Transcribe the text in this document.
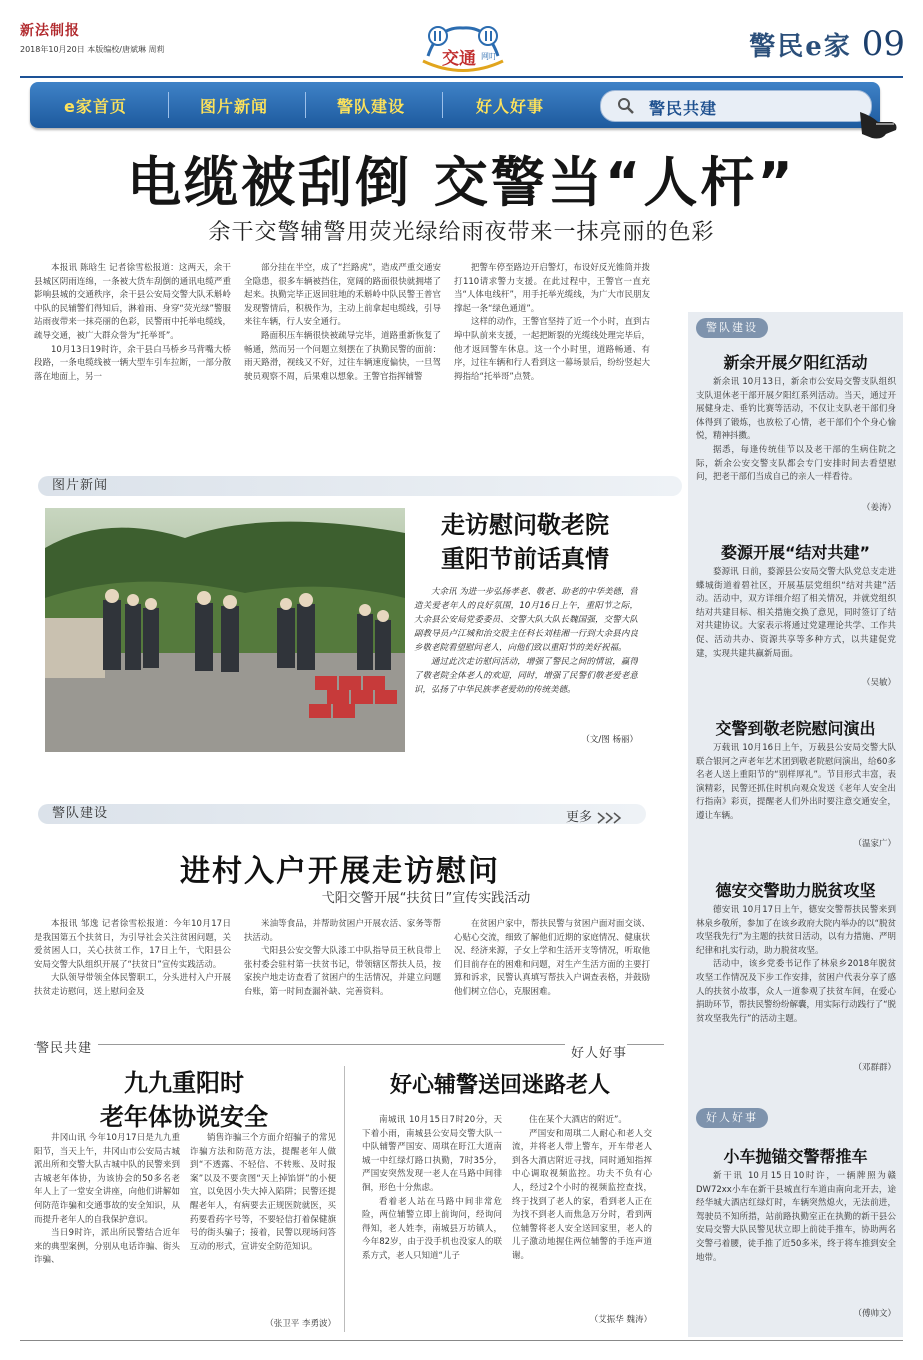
新法制报
2018年10月20日 本版编校/唐斌琳 周莉	交通 网叮	警民e家 09
e家首页	图片新闻	警队建设	好人好事	警民共建
电缆被刮倒 交警当“人杆”
余干交警辅警用荧光绿给雨夜带来一抹亮丽的色彩

本报讯 陈晗生 记者徐雪松报道：这两天，余干县城区阴雨连绵，一条被大货车刮倒的通讯电缆严重影响县城的交通秩序，余干县公安局交警大队禾斛岭中队的民辅警们得知后，淋着雨、身穿“荧光绿”警服站雨夜带来一抹亮丽的色彩，民警雨中托举电缆线，疏导交通，被广大群众誉为“托举哥”。

10月13日19时许，余干县白马桥乡马背嘴大桥段路，一条电缆线被一辆大型车引车拉断，一部分散落在地面上，另一

部分挂在半空，成了“拦路虎”，造成严重交通安全隐患，很多车辆被挡住，宽阔的路面很快就拥堵了起来。执勤完毕正返回驻地的禾斛岭中队民警王普官发现警情后，积极作为，主动上前拿起电缆线，引导来往车辆，行人安全通行。

路面积压车辆很快被疏导完毕，道路重新恢复了畅通，然而另一个问题立刻摆在了执勤民警的面前：雨天路滑，视线又不好，过往车辆速度偏快，一旦驾驶员观察不周，后果难以想象。王警官指挥辅警

把警车停至路边开启警灯，布设好反光锥筒并拨打110请求警力支援。在此过程中，王警官一直充当“人体电线杆”，用手托举光缆线，为广大市民朋友撑起一条“绿色通道”。

这样的动作，王警官坚持了近一个小时，直到古埠中队前来支援，一起把断裂的光缆线处理完毕后，他才返回警车休息。这一个小时里，道路畅通、有序，过往车辆和行人看到这一幕场景后，纷纷竖起大拇指给“托举哥”点赞。

图片新闻
走访慰问敬老院
重阳节前话真情

大余讯 为进一步弘扬孝老、敬老、助老的中华美德，营造关爱老年人的良好氛围，10月16日上午，重阳节之际，大余县公安局党委委员、交警大队大队长魏国强，交警大队副教导员卢江城和治交股主任科长刘桂湘一行到大余县内良乡敬老院看望慰问老人，向他们致以重阳节的美好祝福。

通过此次走访慰问活动，增强了警民之间的情谊，赢得了敬老院全体老人的欢迎，同时，增强了民警们敬老爱老意识，弘扬了中华民族孝老爱幼的传统美德。

（文/图 杨丽）
警队建设	更多
进村入户开展走访慰问
弋阳交警开展“扶贫日”宣传实践活动

本报讯 邹逸 记者徐雪松报道：今年10月17日是我国第五个扶贫日，为引导社会关注贫困问题，关爱贫困人口，关心扶贫工作，17日上午，弋阳县公安局交警大队组织开展了“扶贫日”宣传实践活动。

大队领导带领全体民警职工，分头进村入户开展扶贫走访慰问，送上慰问金及

米油等食品，并帮助贫困户开展农活、家务等帮扶活动。

弋阳县公安交警大队漆工中队指导员王秋良带上张村委会驻村第一扶贫书记，带领辖区帮扶人员，按家挨户地走访查看了贫困户的生活情况，并建立问题台账，第一时间查漏补缺、完善资料。

在贫困户家中，帮扶民警与贫困户面对面交谈、心贴心交流，细致了解他们近期的家庭情况、健康状况、经济来源，子女上学和生活开支等情况，听取他们目前存在的困难和问题，对生产生活方面的主要打算和诉求，民警认真填写帮扶入户调查表格，并鼓励他们树立信心，克服困难。

警民共建	好人好事
九九重阳时
老年体协说安全

井冈山讯 今年10月17日是九九重阳节，当天上午，井冈山市公安局古城派出所和交警大队古城中队的民警来到古城老年体协，为该协会的50多名老年人上了一堂安全讲座，向他们讲解如何防范诈骗和交通事故的安全知识，从而提升老年人的自我保护意识。

当日9时许，派出所民警结合近年来的典型案例，分别从电话诈骗、街头诈骗、

销售诈骗三个方面介绍骗子的常见诈骗方法和防范方法，提醒老年人做到“不透露、不轻信、不转账、及时报案”以及不要贪图“天上掉馅饼”的小便宜，以免因小失大掉入陷阱；民警还提醒老年人，有病要去正规医院就医，买药要看药字号等，不要轻信打着保健旗号的街头骗子；接着，民警以现场问答互动的形式，宣讲安全防范知识。

（张卫平 李勇波）
好心辅警送回迷路老人

南城讯 10月15日7时20分，天下着小雨，南城县公安局交警大队一中队辅警严国安、周琪在盱江大道南城一中红绿灯路口执勤，7时35分，严国安突然发现一老人在马路中间徘徊，形色十分焦虑。

看着老人站在马路中间非常危险，两位辅警立即上前询问，经询问得知，老人姓李，南城县万坊镇人，今年82岁，由于没手机也没家人的联系方式，老人只知道“儿子

住在某个大酒店的附近”。

严国安和周琪二人耐心和老人交流，并将老人带上警车，开车带老人到各大酒店附近寻找，同时通知指挥中心调取视频监控。功夫不负有心人，经过2个小时的视频监控查找，终于找到了老人的家，看到老人正在为找不到老人而焦急万分时，看到两位辅警将老人安全送回家里，老人的儿子激动地握住两位辅警的手连声道谢。

（艾振华 魏涛）
警队建设
新余开展夕阳红活动

新余讯 10月13日，新余市公安局交警支队组织支队退休老干部开展夕阳红系列活动。当天，通过开展健身走、垂钓比赛等活动，不仅让支队老干部们身体得到了锻炼，也放松了心情，老干部们个个身心愉悦，精神抖擞。

据悉，每逢传统佳节以及老干部的生病住院之际，新余公安交警支队都会专门安排时间去看望慰问，把老干部们当成自己的亲人一样看待。

（姜涛）
婺源开展“结对共建”

婺源讯 日前，婺源县公安局交警大队党总支走进蝶城街道着碧社区，开展基层党组织“结对共建”活动。活动中，双方详细介绍了相关情况，并就党组织结对共建目标、相关措施交换了意见，同时签订了结对共建协议。大家表示将通过党建理论共学、工作共促、活动共办、资源共享等多种方式，以共建促党建，实现共建共赢新局面。

（吴敏）
交警到敬老院慰问演出

万载讯 10月16日上午，万载县公安局交警大队联合银河之声老年艺术团到敬老院慰问演出，给60多名老人送上重阳节的“别样厚礼”。节目形式丰富，表演精彩，民警还抓住时机向观众发送《老年人安全出行指南》彩页，提醒老人们外出时要注意交通安全，遵让车辆。

（温家广）
德安交警助力脱贫攻坚

德安讯 10月17日上午，德安交警帮扶民警来到林泉乡敬所，参加了在该乡政府大院内举办的以“脱贫攻坚我先行”为主题的扶贫日活动，以有力措施、严明纪律和扎实行动，助力脱贫攻坚。

活动中，该乡党委书记作了林泉乡2018年脱贫攻坚工作情况及下步工作安排，贫困户代表分享了感人的扶贫小故事，众人一道参观了扶贫车间，在爱心捐助环节，帮扶民警纷纷解囊，用实际行动践行了“脱贫攻坚我先行”的活动主题。

（邓群群）
好人好事
小车抛锚交警帮推车

新干讯 10月15日10时许，一辆牌照为赣DW72xx小车在新干县城直行车道由南向北开去，途经华城大酒店红绿灯时，车辆突然熄火，无法前进，驾驶员不知所措，站前路执勤室正在执勤的新干县公安局交警大队民警见状立即上前徒手推车，协助两名交警弓着腰，徒手推了近50多米，终于将车推到安全地带。

（傅帅文）
